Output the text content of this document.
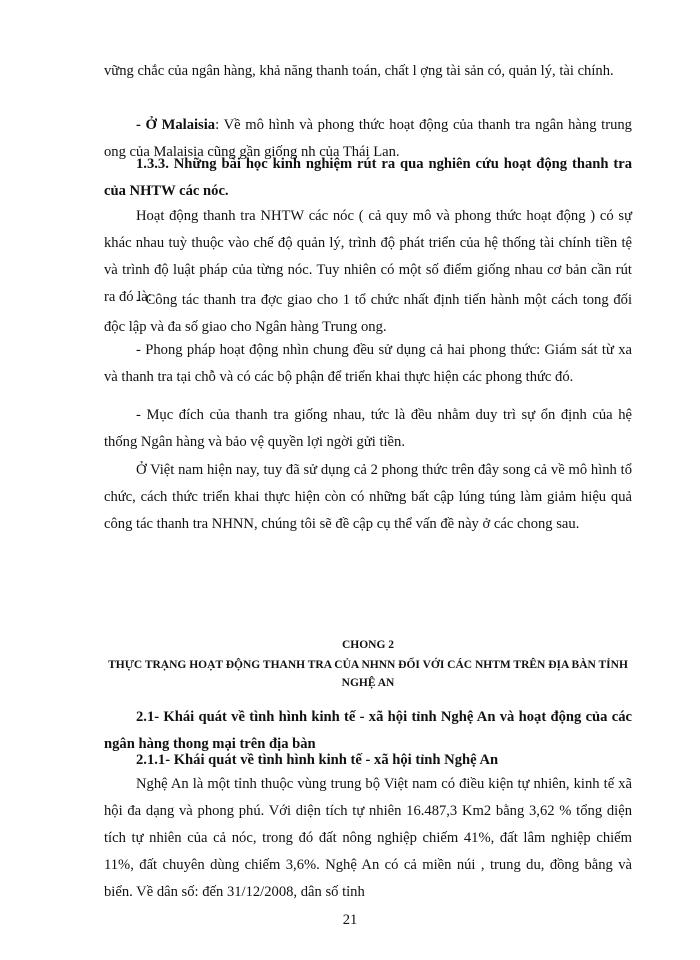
vững chắc của ngân hàng, khả năng thanh toán, chất l ợng tài sản có, quản lý, tài chính.

- Ở Malaisia: Về mô hình và phong thức hoạt động của thanh tra ngân hàng trung ong của Malaisia cũng gần giống nh của Thái Lan.

1.3.3. Những bài học kinh nghiệm rút ra qua nghiên cứu hoạt động thanh tra của NHTW các nóc.

Hoạt động thanh tra NHTW các nóc ( cả quy mô và phong thức hoạt động ) có sự khác nhau tuỳ thuộc vào chế độ quản lý, trình độ phát triển của hệ thống tài chính tiền tệ và trình độ luật pháp của từng nóc. Tuy nhiên có một số điểm giống nhau cơ bản cần rút ra đó là:

- Công tác thanh tra đợc giao cho 1 tổ chức nhất định tiến hành một cách tong đối độc lập và đa số giao cho Ngân hàng Trung ong.

- Phong pháp hoạt động nhìn chung đều sử dụng cả hai phong thức: Giám sát từ xa và thanh tra tại chỗ và có các bộ phận để triển khai thực hiện các phong thức đó.

- Mục đích của thanh tra giống nhau, tức là đều nhằm duy trì sự ổn định của hệ thống Ngân hàng và bảo vệ quyền lợi ngời gửi tiền.

Ở Việt nam hiện nay, tuy đã sử dụng cả 2 phong thức trên đây song cả về mô hình tổ chức, cách thức triển khai thực hiện còn có những bất cập lúng túng làm giảm hiệu quả công tác thanh tra NHNN, chúng tôi sẽ đề cập cụ thể vấn đề này ở các chong sau.

CHONG 2
THỰC TRẠNG HOẠT ĐỘNG THANH TRA CỦA NHNN ĐỐI VỚI CÁC NHTM TRÊN ĐỊA BÀN TỈNH NGHỆ AN

2.1- Khái quát về tình hình kinh tế - xã hội tỉnh Nghệ An và hoạt động của các ngân hàng thong mại trên địa bàn

2.1.1- Khái quát về tình hình kinh tế - xã hội tỉnh Nghệ An

Nghệ An là một tỉnh thuộc vùng trung bộ Việt nam có điều kiện tự nhiên, kinh tế xã hội đa dạng và phong phú. Với diện tích tự nhiên 16.487,3 Km2 bằng 3,62 % tổng diện tích tự nhiên của cả nóc, trong đó đất nông nghiệp chiếm 41%, đất lâm nghiệp chiếm 11%, đất chuyên dùng chiếm 3,6%. Nghệ An có cả miền núi , trung du, đồng bằng và biển. Về dân số: đến 31/12/2008, dân số tỉnh

21
